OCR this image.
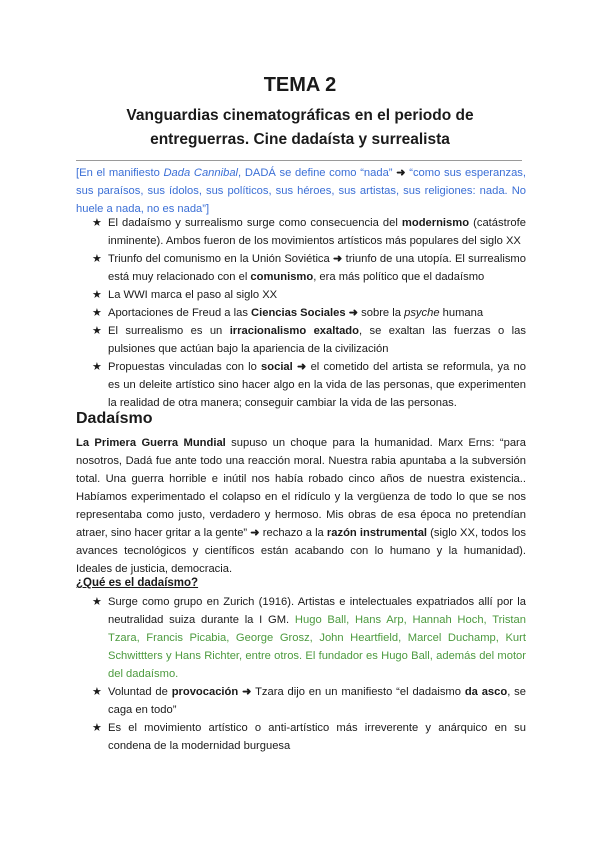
TEMA 2
Vanguardias cinematográficas en el periodo de
entreguerras. Cine dadaísta y surrealista
[En el manifiesto Dada Cannibal, DADÁ se define como “nada” ➜ “como sus esperanzas, sus paraísos, sus ídolos, sus políticos, sus héroes, sus artistas, sus religiones: nada. No huele a nada, no es nada”]
★ El dadaísmo y surrealismo surge como consecuencia del modernismo (catástrofe inminente). Ambos fueron de los movimientos artísticos más populares del siglo XX
★ Triunfo del comunismo en la Unión Soviética ➜ triunfo de una utopía. El surrealismo está muy relacionado con el comunismo, era más político que el dadaísmo
★ La WWI marca el paso al siglo XX
★ Aportaciones de Freud a las Ciencias Sociales ➜ sobre la psyche humana
★ El surrealismo es un irracionalismo exaltado, se exaltan las fuerzas o las pulsiones que actúan bajo la apariencia de la civilización
★ Propuestas vinculadas con lo social ➜ el cometido del artista se reformula, ya no es un deleite artístico sino hacer algo en la vida de las personas, que experimenten la realidad de otra manera; conseguir cambiar la vida de las personas.
Dadaísmo
La Primera Guerra Mundial supuso un choque para la humanidad. Marx Erns: “para nosotros, Dadá fue ante todo una reacción moral. Nuestra rabia apuntaba a la subversión total. Una guerra horrible e inútil nos había robado cinco años de nuestra existencia.. Habíamos experimentado el colapso en el ridículo y la vergüenza de todo lo que se nos representaba como justo, verdadero y hermoso. Mis obras de esa época no pretendían atraer, sino hacer gritar a la gente” ➜ rechazo a la razón instrumental (siglo XX, todos los avances tecnológicos y científicos están acabando con lo humano y la humanidad). Ideales de justicia, democracia.
¿Qué es el dadaísmo?
★ Surge como grupo en Zurich (1916). Artistas e intelectuales expatriados allí por la neutralidad suiza durante la I GM. Hugo Ball, Hans Arp, Hannah Hoch, Tristan Tzara, Francis Picabia, George Grosz, John Heartfield, Marcel Duchamp, Kurt Schwittters y Hans Richter, entre otros. El fundador es Hugo Ball, además del motor del dadaísmo.
★ Voluntad de provocación ➜ Tzara dijo en un manifiesto “el dadaismo da asco, se caga en todo”
★ Es el movimiento artístico o anti-artístico más irreverente y anárquico en su condena de la modernidad burguesa
